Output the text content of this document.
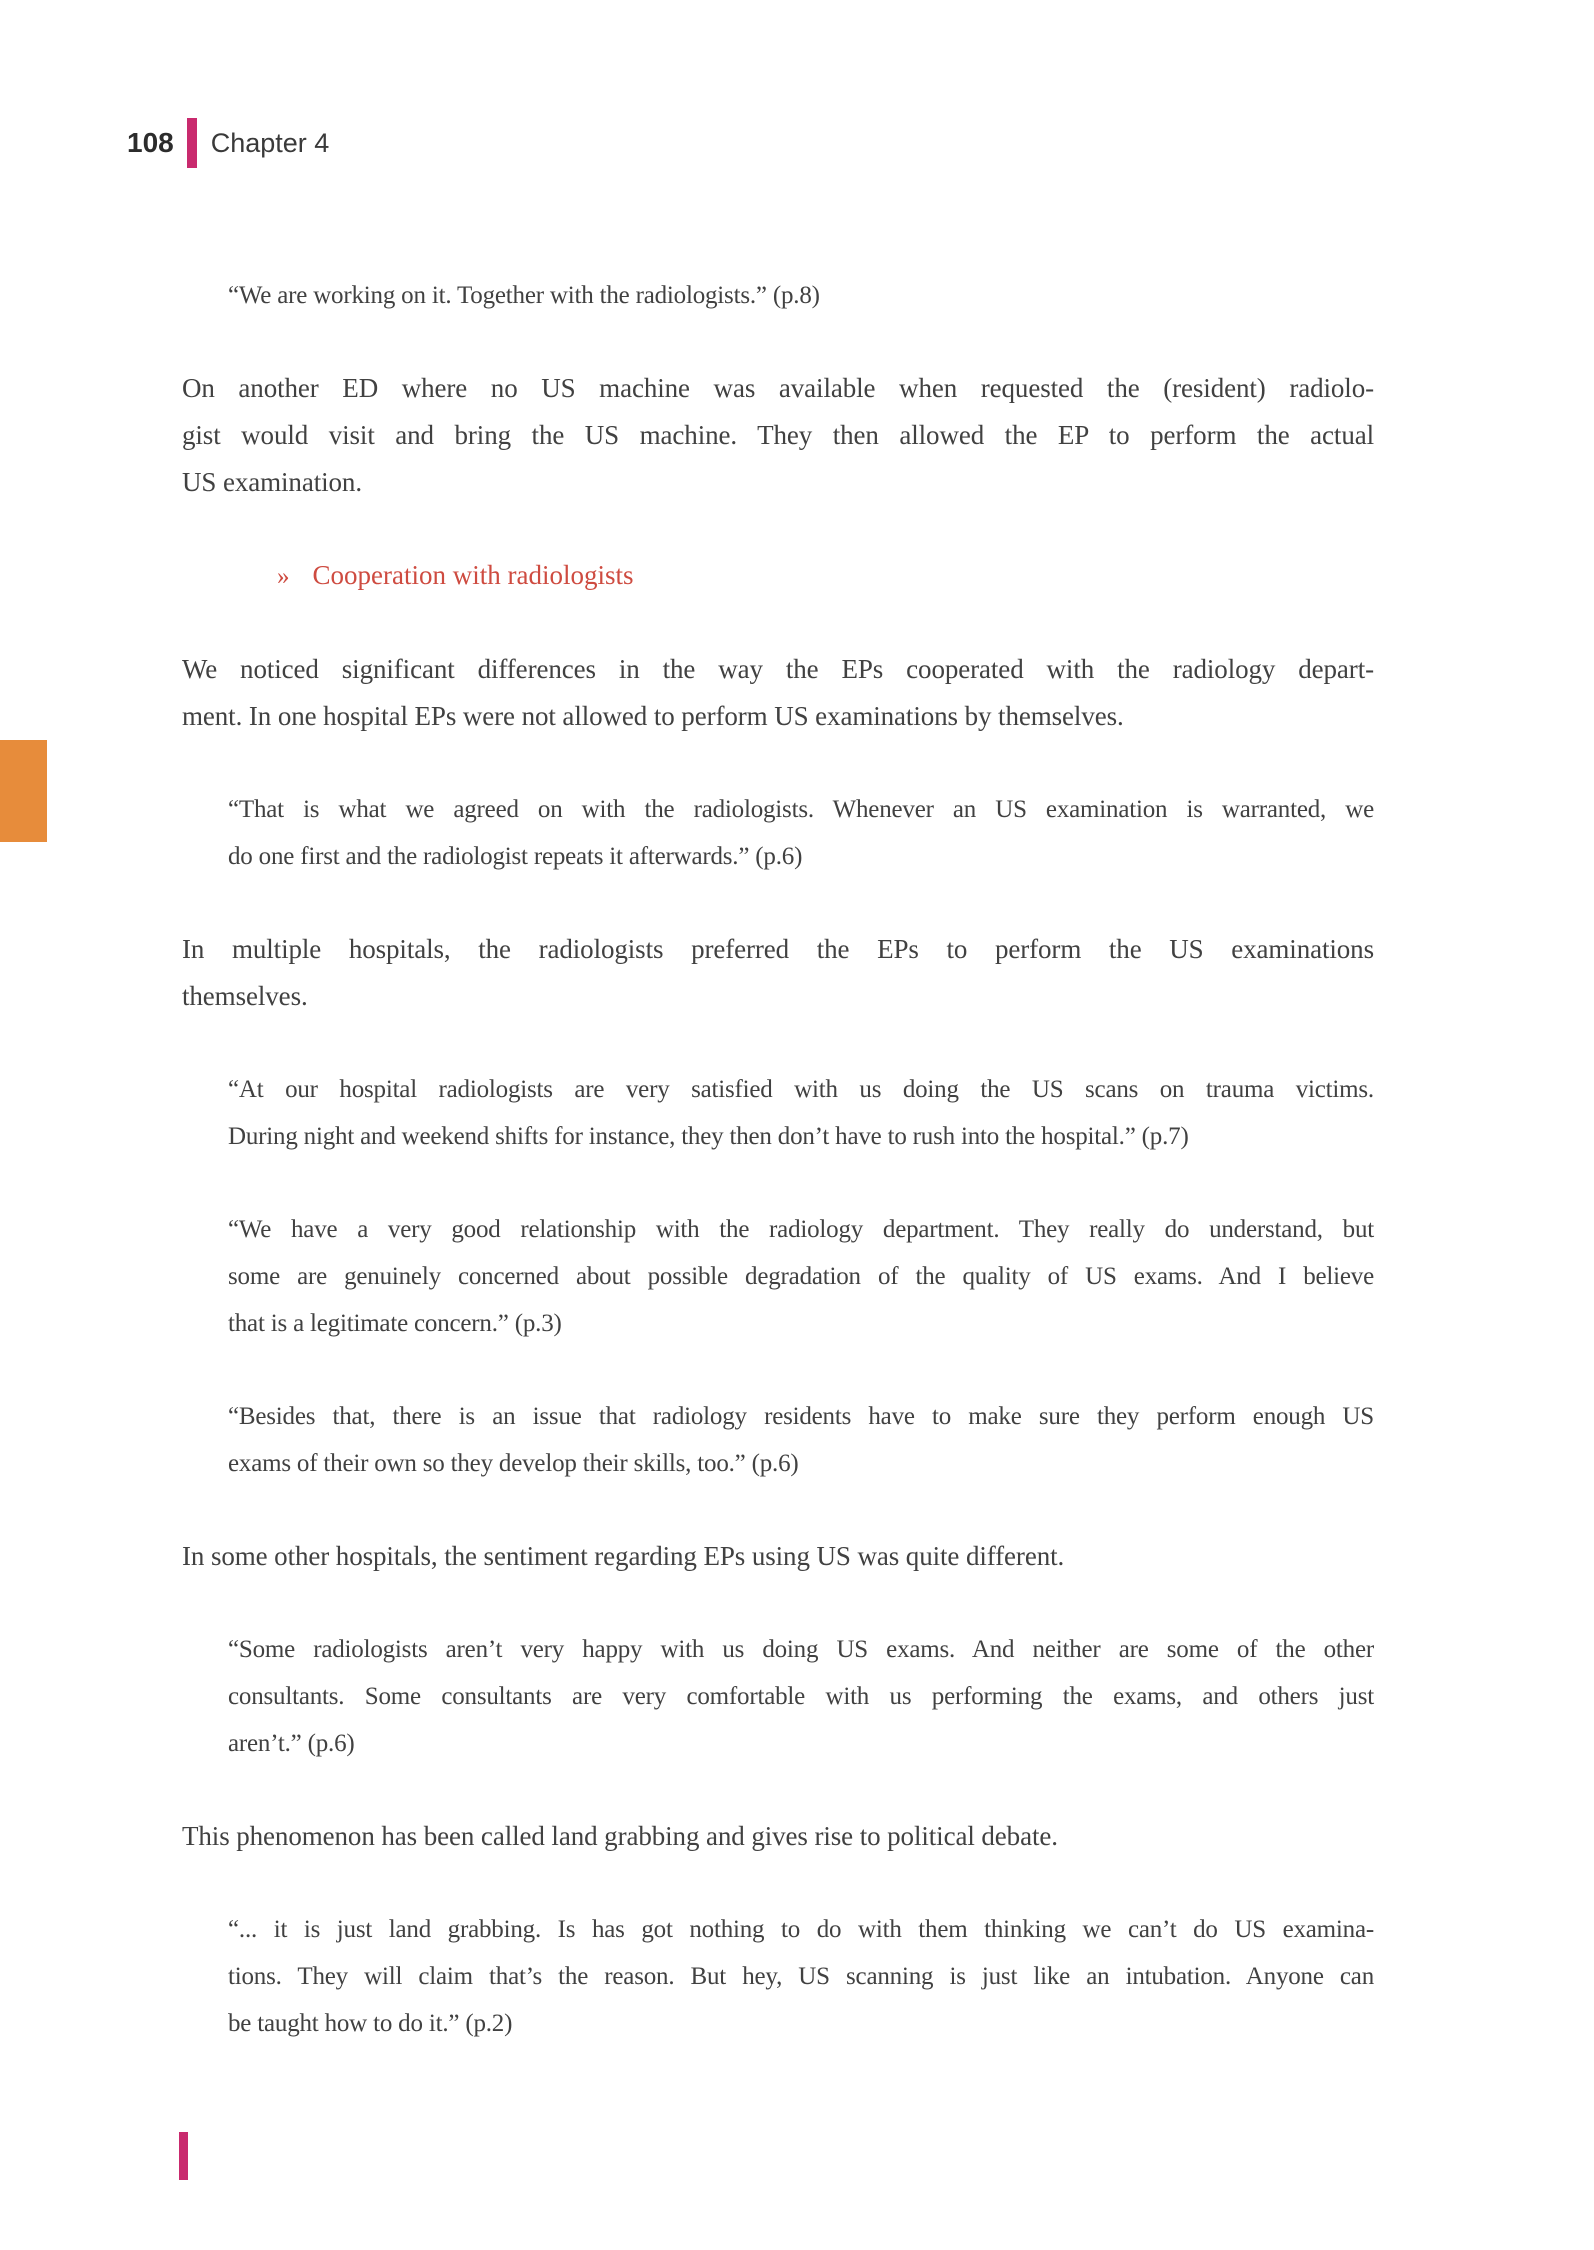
108 Chapter 4
“We are working on it. Together with the radiologists.” (p.8)
On another ED where no US machine was available when requested the (resident) radiolo-
gist would visit and bring the US machine. They then allowed the EP to perform the actual
US examination.
» Cooperation with radiologists
We noticed significant differences in the way the EPs cooperated with the radiology depart-
ment. In one hospital EPs were not allowed to perform US examinations by themselves.
“That is what we agreed on with the radiologists. Whenever an US examination is warranted, we
do one first and the radiologist repeats it afterwards.” (p.6)
In multiple hospitals, the radiologists preferred the EPs to perform the US examinations
themselves.
“At our hospital radiologists are very satisfied with us doing the US scans on trauma victims.
During night and weekend shifts for instance, they then don’t have to rush into the hospital.” (p.7)
“We have a very good relationship with the radiology department. They really do understand, but
some are genuinely concerned about possible degradation of the quality of US exams. And I believe
that is a legitimate concern.” (p.3)
“Besides that, there is an issue that radiology residents have to make sure they perform enough US
exams of their own so they develop their skills, too.” (p.6)
In some other hospitals, the sentiment regarding EPs using US was quite different.
“Some radiologists aren’t very happy with us doing US exams. And neither are some of the other
consultants. Some consultants are very comfortable with us performing the exams, and others just
aren’t.” (p.6)
This phenomenon has been called land grabbing and gives rise to political debate.
“... it is just land grabbing. Is has got nothing to do with them thinking we can’t do US examina-
tions. They will claim that’s the reason. But hey, US scanning is just like an intubation. Anyone can
be taught how to do it.” (p.2)
